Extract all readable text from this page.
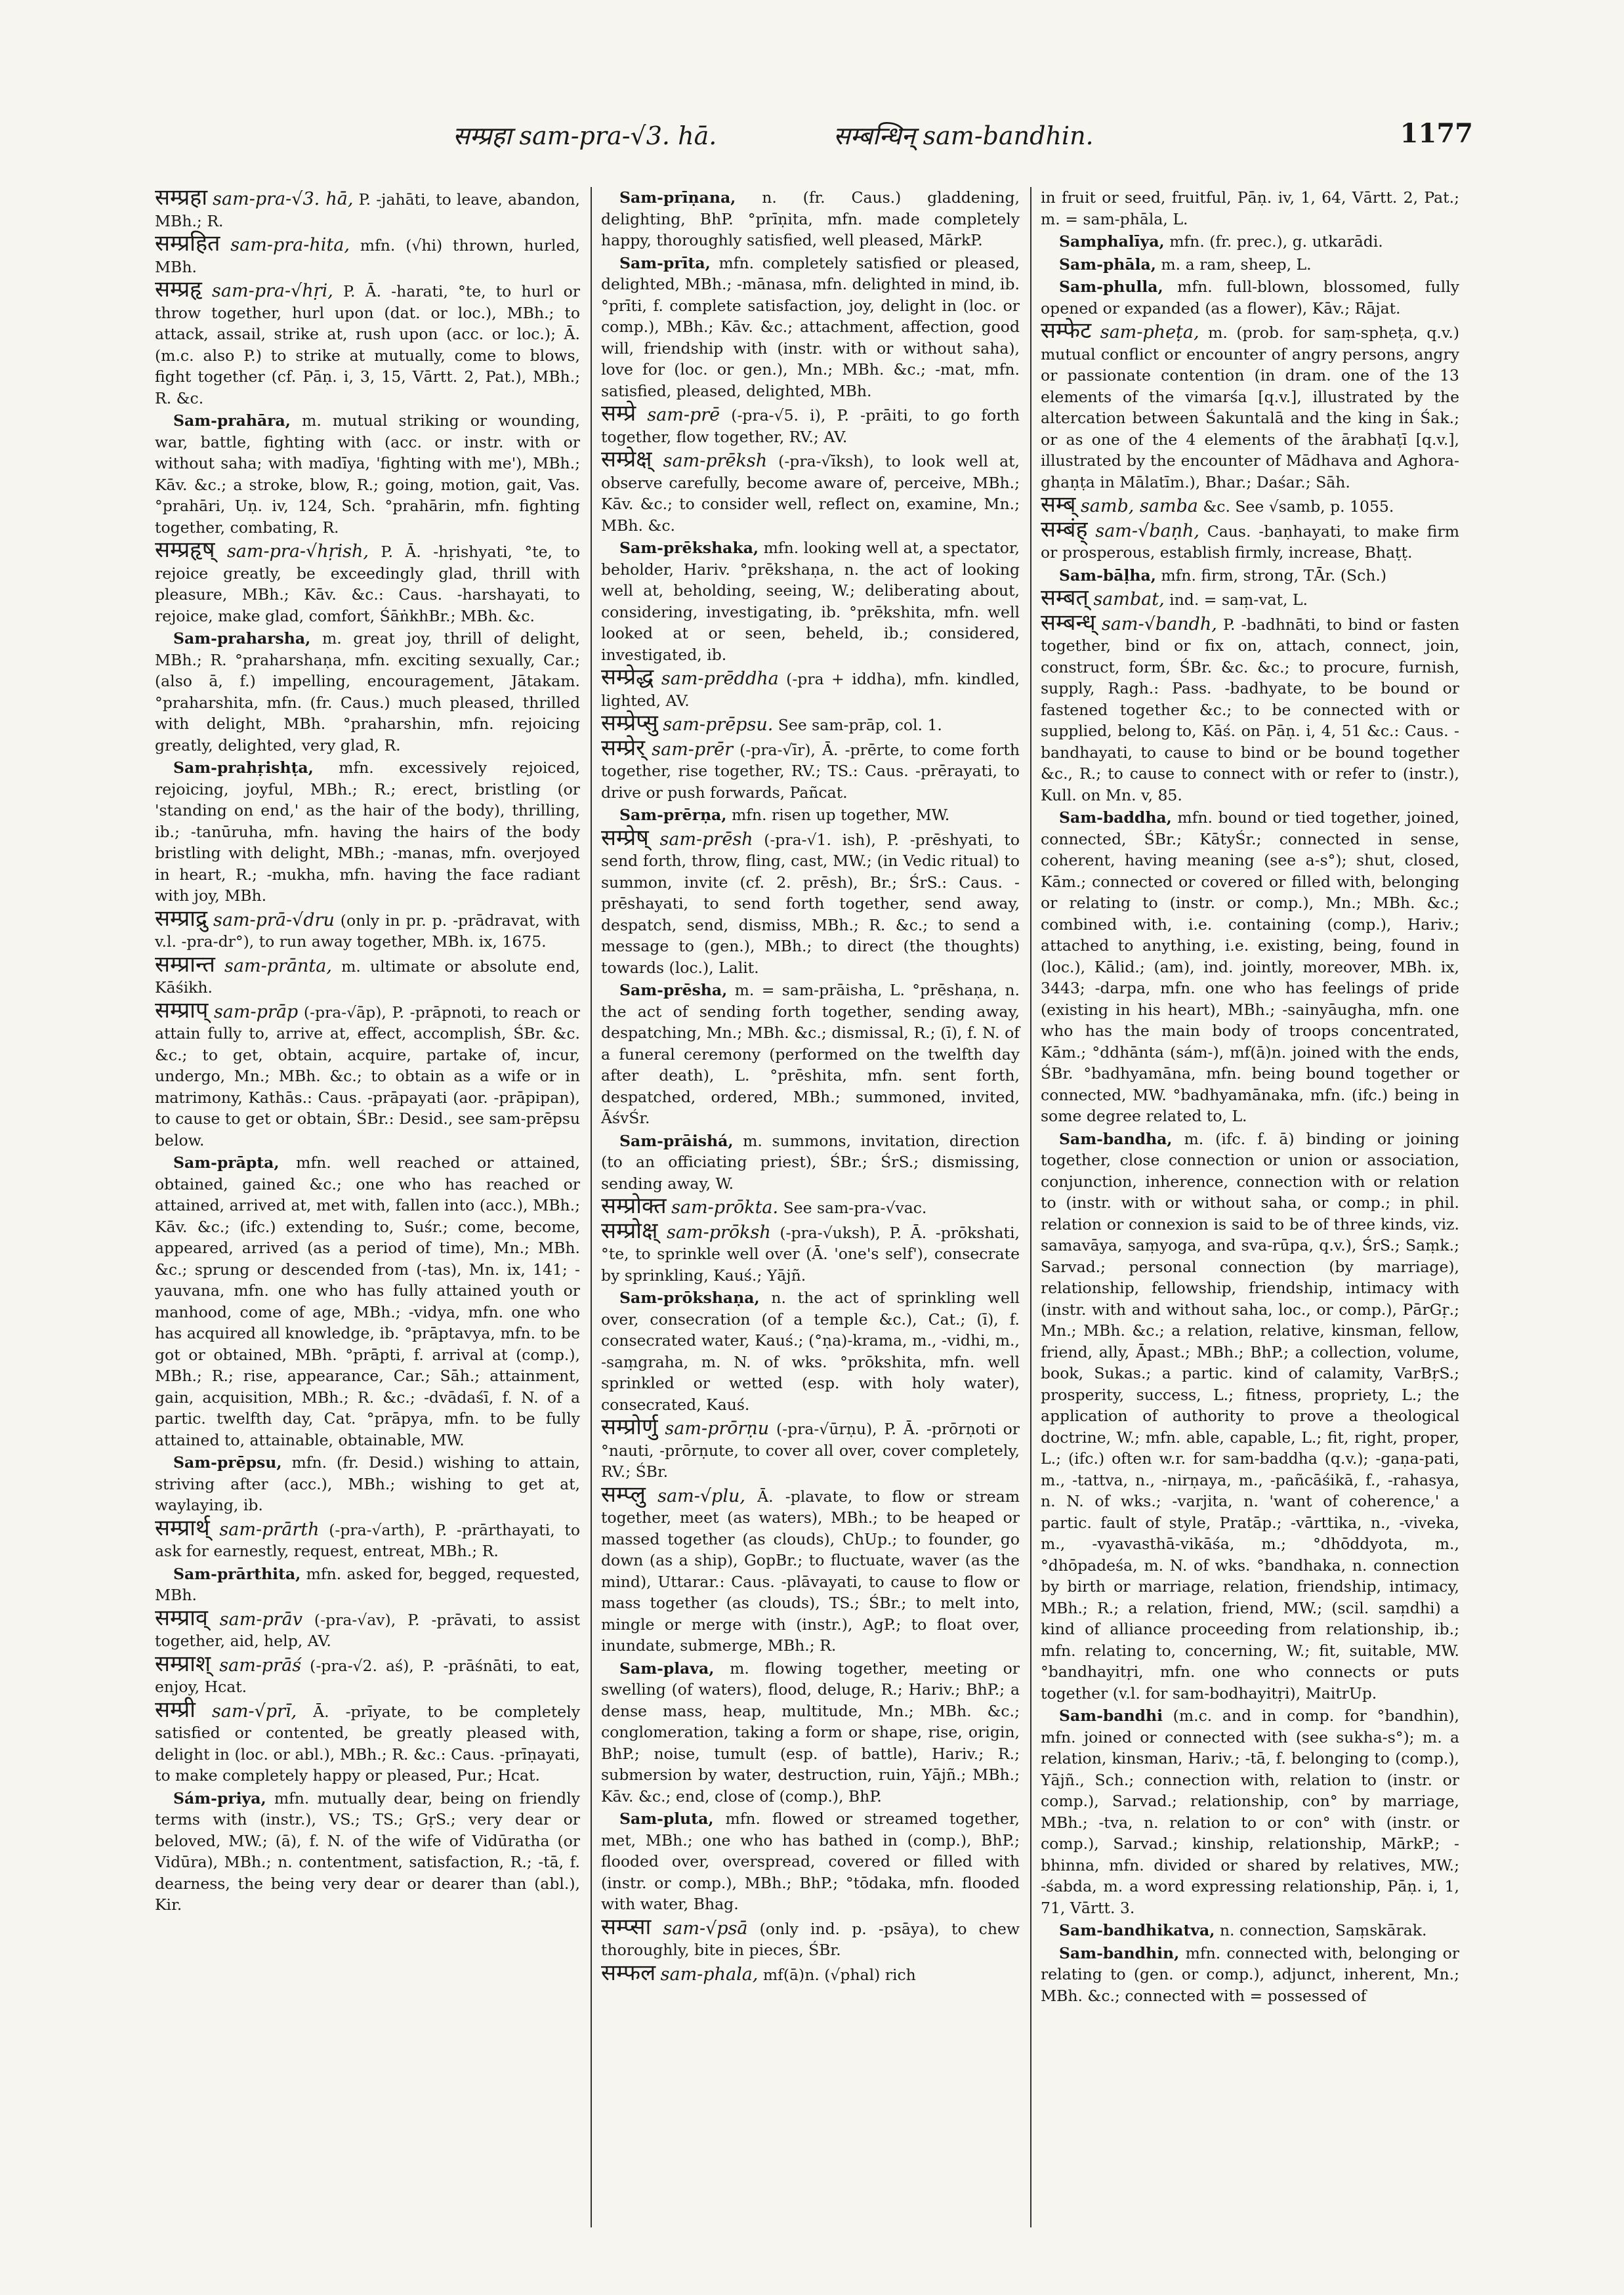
सम्प्रहा sam-pra-√3. hā.	सम्बन्धिन् sam-bandhin.	1177

सम्प्रहा sam-pra-√3. hā, P. -jahāti, to leave, abandon, MBh.; R.

सम्प्रहित sam-pra-hita, mfn. (√hi) thrown, hurled, MBh.

सम्प्रहृ sam-pra-√hṛi, P. Ā. -harati, °te, to hurl or throw together, hurl upon (dat. or loc.), MBh.; to attack, assail, strike at, rush upon (acc. or loc.); Ā. (m.c. also P.) to strike at mutually, come to blows, fight together (cf. Pāṇ. i, 3, 15, Vārtt. 2, Pat.), MBh.; R. &c.

Sam-prahāra, m. mutual striking or wounding, war, battle, fighting with (acc. or instr. with or without saha; with madīya, 'fighting with me'), MBh.; Kāv. &c.; a stroke, blow, R.; going, motion, gait, Vas. °prahāri, Uṇ. iv, 124, Sch. °prahārin, mfn. fighting together, combating, R.

सम्प्रहृष् sam-pra-√hṛish, P. Ā. -hṛishyati, °te, to rejoice greatly, be exceedingly glad, thrill with pleasure, MBh.; Kāv. &c.: Caus. -harshayati, to rejoice, make glad, comfort, ŚāṅkhBr.; MBh. &c.

Sam-praharsha, m. great joy, thrill of delight, MBh.; R. °praharshaṇa, mfn. exciting sexually, Car.; (also ā, f.) impelling, encouragement, Jātakam. °praharshita, mfn. (fr. Caus.) much pleased, thrilled with delight, MBh. °praharshin, mfn. rejoicing greatly, delighted, very glad, R.

Sam-prahṛishṭa, mfn. excessively rejoiced, rejoicing, joyful, MBh.; R.; erect, bristling (or 'standing on end,' as the hair of the body), thrilling, ib.; -tanūruha, mfn. having the hairs of the body bristling with delight, MBh.; -manas, mfn. overjoyed in heart, R.; -mukha, mfn. having the face radiant with joy, MBh.

सम्प्राद्रु sam-prā-√dru (only in pr. p. -prādravat, with v.l. -pra-dr°), to run away together, MBh. ix, 1675.

सम्प्रान्त sam-prānta, m. ultimate or absolute end, Kāśikh.

सम्प्राप् sam-prāp (-pra-√āp), P. -prāpnoti, to reach or attain fully to, arrive at, effect, accomplish, ŚBr. &c. &c.; to get, obtain, acquire, partake of, incur, undergo, Mn.; MBh. &c.; to obtain as a wife or in matrimony, Kathās.: Caus. -prāpayati (aor. -prāpipan), to cause to get or obtain, ŚBr.: Desid., see sam-prēpsu below.

Sam-prāpta, mfn. well reached or attained, obtained, gained &c.; one who has reached or attained, arrived at, met with, fallen into (acc.), MBh.; Kāv. &c.; (ifc.) extending to, Suśr.; come, become, appeared, arrived (as a period of time), Mn.; MBh. &c.; sprung or descended from (-tas), Mn. ix, 141; -yauvana, mfn. one who has fully attained youth or manhood, come of age, MBh.; -vidya, mfn. one who has acquired all knowledge, ib. °prāptavya, mfn. to be got or obtained, MBh. °prāpti, f. arrival at (comp.), MBh.; R.; rise, appearance, Car.; Sāh.; attainment, gain, acquisition, MBh.; R. &c.; -dvādaśī, f. N. of a partic. twelfth day, Cat. °prāpya, mfn. to be fully attained to, attainable, obtainable, MW.

Sam-prēpsu, mfn. (fr. Desid.) wishing to attain, striving after (acc.), MBh.; wishing to get at, waylaying, ib.

सम्प्रार्थ् sam-prārth (-pra-√arth), P. -prārthayati, to ask for earnestly, request, entreat, MBh.; R.

Sam-prārthita, mfn. asked for, begged, requested, MBh.

सम्प्राव् sam-prāv (-pra-√av), P. -prāvati, to assist together, aid, help, AV.

सम्प्राश् sam-prāś (-pra-√2. aś), P. -prāśnāti, to eat, enjoy, Hcat.

सम्प्री sam-√prī, Ā. -prīyate, to be completely satisfied or contented, be greatly pleased with, delight in (loc. or abl.), MBh.; R. &c.: Caus. -prīṇayati, to make completely happy or pleased, Pur.; Hcat.

Sám-priya, mfn. mutually dear, being on friendly terms with (instr.), VS.; TS.; GṛS.; very dear or beloved, MW.; (ā), f. N. of the wife of Vidūratha (or Vidūra), MBh.; n. contentment, satisfaction, R.; -tā, f. dearness, the being very dear or dearer than (abl.), Kir.

Sam-prīṇana, n. (fr. Caus.) gladdening, delighting, BhP. °prīṇita, mfn. made completely happy, thoroughly satisfied, well pleased, MārkP.

Sam-prīta, mfn. completely satisfied or pleased, delighted, MBh.; -mānasa, mfn. delighted in mind, ib. °prīti, f. complete satisfaction, joy, delight in (loc. or comp.), MBh.; Kāv. &c.; attachment, affection, good will, friendship with (instr. with or without saha), love for (loc. or gen.), Mn.; MBh. &c.; -mat, mfn. satisfied, pleased, delighted, MBh.

सम्प्रे sam-prē (-pra-√5. i), P. -prāiti, to go forth together, flow together, RV.; AV.

सम्प्रेक्ष् sam-prēksh (-pra-√īksh), to look well at, observe carefully, become aware of, perceive, MBh.; Kāv. &c.; to consider well, reflect on, examine, Mn.; MBh. &c.

Sam-prēkshaka, mfn. looking well at, a spectator, beholder, Hariv. °prēkshaṇa, n. the act of looking well at, beholding, seeing, W.; deliberating about, considering, investigating, ib. °prēkshita, mfn. well looked at or seen, beheld, ib.; considered, investigated, ib.

सम्प्रेद्ध sam-prēddha (-pra + iddha), mfn. kindled, lighted, AV.

सम्प्रेप्सु sam-prēpsu. See sam-prāp, col. 1.

सम्प्रेर् sam-prēr (-pra-√īr), Ā. -prērte, to come forth together, rise together, RV.; TS.: Caus. -prērayati, to drive or push forwards, Pañcat.

Sam-prērṇa, mfn. risen up together, MW.

सम्प्रेष् sam-prēsh (-pra-√1. ish), P. -prēshyati, to send forth, throw, fling, cast, MW.; (in Vedic ritual) to summon, invite (cf. 2. prēsh), Br.; ŚrS.: Caus. -prēshayati, to send forth together, send away, despatch, send, dismiss, MBh.; R. &c.; to send a message to (gen.), MBh.; to direct (the thoughts) towards (loc.), Lalit.

Sam-prēsha, m. = sam-prāisha, L. °prēshaṇa, n. the act of sending forth together, sending away, despatching, Mn.; MBh. &c.; dismissal, R.; (ī), f. N. of a funeral ceremony (performed on the twelfth day after death), L. °prēshita, mfn. sent forth, despatched, ordered, MBh.; summoned, invited, ĀśvŚr.

Sam-prāishá, m. summons, invitation, direction (to an officiating priest), ŚBr.; ŚrS.; dismissing, sending away, W.

सम्प्रोक्त sam-prōkta. See sam-pra-√vac.

सम्प्रोक्ष् sam-prōksh (-pra-√uksh), P. Ā. -prōkshati, °te, to sprinkle well over (Ā. 'one's self'), consecrate by sprinkling, Kauś.; Yājñ.

Sam-prōkshaṇa, n. the act of sprinkling well over, consecration (of a temple &c.), Cat.; (ī), f. consecrated water, Kauś.; (°ṇa)-krama, m., -vidhi, m., -saṃgraha, m. N. of wks. °prōkshita, mfn. well sprinkled or wetted (esp. with holy water), consecrated, Kauś.

सम्प्रोर्णु sam-prōrṇu (-pra-√ūrṇu), P. Ā. -prōrṇoti or °nauti, -prōrṇute, to cover all over, cover completely, RV.; ŚBr.

सम्प्लु sam-√plu, Ā. -plavate, to flow or stream together, meet (as waters), MBh.; to be heaped or massed together (as clouds), ChUp.; to founder, go down (as a ship), GopBr.; to fluctuate, waver (as the mind), Uttarar.: Caus. -plāvayati, to cause to flow or mass together (as clouds), TS.; ŚBr.; to melt into, mingle or merge with (instr.), AgP.; to float over, inundate, submerge, MBh.; R.

Sam-plava, m. flowing together, meeting or swelling (of waters), flood, deluge, R.; Hariv.; BhP.; a dense mass, heap, multitude, Mn.; MBh. &c.; conglomeration, taking a form or shape, rise, origin, BhP.; noise, tumult (esp. of battle), Hariv.; R.; submersion by water, destruction, ruin, Yājñ.; MBh.; Kāv. &c.; end, close of (comp.), BhP.

Sam-pluta, mfn. flowed or streamed together, met, MBh.; one who has bathed in (comp.), BhP.; flooded over, overspread, covered or filled with (instr. or comp.), MBh.; BhP.; °tōdaka, mfn. flooded with water, Bhag.

सम्प्सा sam-√psā (only ind. p. -psāya), to chew thoroughly, bite in pieces, ŚBr.

सम्फल sam-phala, mf(ā)n. (√phal) rich

in fruit or seed, fruitful, Pāṇ. iv, 1, 64, Vārtt. 2, Pat.; m. = sam-phāla, L.

Samphalīya, mfn. (fr. prec.), g. utkarādi.

Sam-phāla, m. a ram, sheep, L.

Sam-phulla, mfn. full-blown, blossomed, fully opened or expanded (as a flower), Kāv.; Rājat.

सम्फेट sam-pheṭa, m. (prob. for saṃ-spheṭa, q.v.) mutual conflict or encounter of angry persons, angry or passionate contention (in dram. one of the 13 elements of the vimarśa [q.v.], illustrated by the altercation between Śakuntalā and the king in Śak.; or as one of the 4 elements of the ārabhaṭī [q.v.], illustrated by the encounter of Mādhava and Aghora-ghaṇṭa in Mālatīm.), Bhar.; Daśar.; Sāh.

सम्ब् samb, samba &c. See √samb, p. 1055.

सम्बंह् sam-√baṇh, Caus. -baṇhayati, to make firm or prosperous, establish firmly, increase, Bhaṭṭ.

Sam-bāḷha, mfn. firm, strong, TĀr. (Sch.)

सम्बत् sambat, ind. = saṃ-vat, L.

सम्बन्ध् sam-√bandh, P. -badhnāti, to bind or fasten together, bind or fix on, attach, connect, join, construct, form, ŚBr. &c. &c.; to procure, furnish, supply, Ragh.: Pass. -badhyate, to be bound or fastened together &c.; to be connected with or supplied, belong to, Kāś. on Pāṇ. i, 4, 51 &c.: Caus. -bandhayati, to cause to bind or be bound together &c., R.; to cause to connect with or refer to (instr.), Kull. on Mn. v, 85.

Sam-baddha, mfn. bound or tied together, joined, connected, ŚBr.; KātyŚr.; connected in sense, coherent, having meaning (see a-s°); shut, closed, Kām.; connected or covered or filled with, belonging or relating to (instr. or comp.), Mn.; MBh. &c.; combined with, i.e. containing (comp.), Hariv.; attached to anything, i.e. existing, being, found in (loc.), Kālid.; (am), ind. jointly, moreover, MBh. ix, 3443; -darpa, mfn. one who has feelings of pride (existing in his heart), MBh.; -sainyāugha, mfn. one who has the main body of troops concentrated, Kām.; °ddhānta (sám-), mf(ā)n. joined with the ends, ŚBr. °badhyamāna, mfn. being bound together or connected, MW. °badhyamānaka, mfn. (ifc.) being in some degree related to, L.

Sam-bandha, m. (ifc. f. ā) binding or joining together, close connection or union or association, conjunction, inherence, connection with or relation to (instr. with or without saha, or comp.; in phil. relation or connexion is said to be of three kinds, viz. samavāya, saṃyoga, and sva-rūpa, q.v.), ŚrS.; Saṃk.; Sarvad.; personal connection (by marriage), relationship, fellowship, friendship, intimacy with (instr. with and without saha, loc., or comp.), PārGṛ.; Mn.; MBh. &c.; a relation, relative, kinsman, fellow, friend, ally, Āpast.; MBh.; BhP.; a collection, volume, book, Sukas.; a partic. kind of calamity, VarBṛS.; prosperity, success, L.; fitness, propriety, L.; the application of authority to prove a theological doctrine, W.; mfn. able, capable, L.; fit, right, proper, L.; (ifc.) often w.r. for sam-baddha (q.v.); -gaṇa-pati, m., -tattva, n., -nirṇaya, m., -pañcāśikā, f., -rahasya, n. N. of wks.; -varjita, n. 'want of coherence,' a partic. fault of style, Pratāp.; -vārttika, n., -viveka, m., -vyavasthā-vikāśa, m.; °dhōddyota, m., °dhōpadeśa, m. N. of wks. °bandhaka, n. connection by birth or marriage, relation, friendship, intimacy, MBh.; R.; a relation, friend, MW.; (scil. saṃdhi) a kind of alliance proceeding from relationship, ib.; mfn. relating to, concerning, W.; fit, suitable, MW. °bandhayitṛi, mfn. one who connects or puts together (v.l. for sam-bodhayitṛi), MaitrUp.

Sam-bandhi (m.c. and in comp. for °bandhin), mfn. joined or connected with (see sukha-s°); m. a relation, kinsman, Hariv.; -tā, f. belonging to (comp.), Yājñ., Sch.; connection with, relation to (instr. or comp.), Sarvad.; relationship, con° by marriage, MBh.; -tva, n. relation to or con° with (instr. or comp.), Sarvad.; kinship, relationship, MārkP.; -bhinna, mfn. divided or shared by relatives, MW.; -śabda, m. a word expressing relationship, Pāṇ. i, 1, 71, Vārtt. 3.

Sam-bandhikatva, n. connection, Saṃskārak.

Sam-bandhin, mfn. connected with, belonging or relating to (gen. or comp.), adjunct, inherent, Mn.; MBh. &c.; connected with = possessed of
